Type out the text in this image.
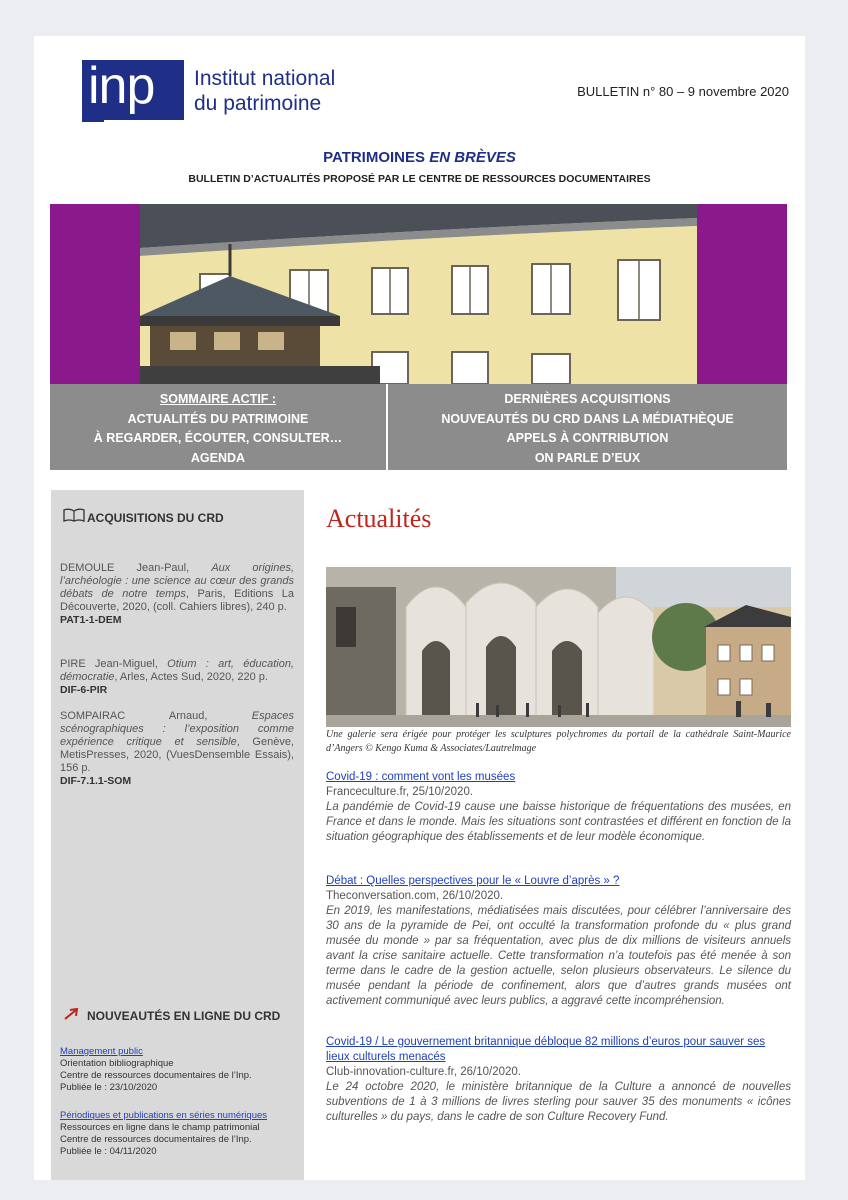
inp Institut national
du patrimoine
BULLETIN n° 80 – 9 novembre 2020
PATRIMOINES EN BRÈVES
BULLETIN D’ACTUALITÉS PROPOSÉ PAR LE CENTRE DE RESSOURCES DOCUMENTAIRES
SOMMAIRE ACTIF :
ACTUALITÉS DU PATRIMOINE
À REGARDER, ÉCOUTER, CONSULTER…
AGENDA
DERNIÈRES ACQUISITIONS
NOUVEAUTÉS DU CRD DANS LA MÉDIATHÈQUE
APPELS À CONTRIBUTION
ON PARLE D’EUX
ACQUISITIONS DU CRD
DEMOULE Jean-Paul, Aux origines, l’archéologie : une science au cœur des grands débats de notre temps, Paris, Editions La Découverte, 2020, (coll. Cahiers libres), 240 p.
PAT1-1-DEM
PIRE Jean-Miguel, Otium : art, éducation, démocratie, Arles, Actes Sud, 2020, 220 p.
DIF-6-PIR
SOMPAIRAC Arnaud, Espaces scénographiques : l’exposition comme expérience critique et sensible, Genève, MetisPresses, 2020, (VuesDensemble Essais), 156 p.
DIF-7.1.1-SOM
NOUVEAUTÉS EN LIGNE DU CRD
Management public
Orientation bibliographique
Centre de ressources documentaires de l’Inp.
Publiée le : 23/10/2020
Périodiques et publications en séries numériques
Ressources en ligne dans le champ patrimonial
Centre de ressources documentaires de l’Inp.
Publiée le : 04/11/2020
Actualités
Une galerie sera érigée pour protéger les sculptures polychromes du portail de la cathédrale Saint-Maurice d’Angers © Kengo Kuma & Associates/Lautrelmage
Covid-19 : comment vont les musées
Franceculture.fr, 25/10/2020.
La pandémie de Covid-19 cause une baisse historique de fréquentations des musées, en France et dans le monde. Mais les situations sont contrastées et différent en fonction de la situation géographique des établissements et de leur modèle économique.
Débat : Quelles perspectives pour le « Louvre d’après » ?
Theconversation.com, 26/10/2020.
En 2019, les manifestations, médiatisées mais discutées, pour célébrer l’anniversaire des 30 ans de la pyramide de Pei, ont occulté la transformation profonde du « plus grand musée du monde » par sa fréquentation, avec plus de dix millions de visiteurs annuels avant la crise sanitaire actuelle. Cette transformation n’a toutefois pas été menée à son terme dans le cadre de la gestion actuelle, selon plusieurs observateurs. Le silence du musée pendant la période de confinement, alors que d’autres grands musées ont activement communiqué avec leurs publics, a aggravé cette incompréhension.
Covid-19 / Le gouvernement britannique débloque 82 millions d’euros pour sauver ses lieux culturels menacés
Club-innovation-culture.fr, 26/10/2020.
Le 24 octobre 2020, le ministère britannique de la Culture a annoncé de nouvelles subventions de 1 à 3 millions de livres sterling pour sauver 35 des monuments « icônes culturelles » du pays, dans le cadre de son Culture Recovery Fund.
